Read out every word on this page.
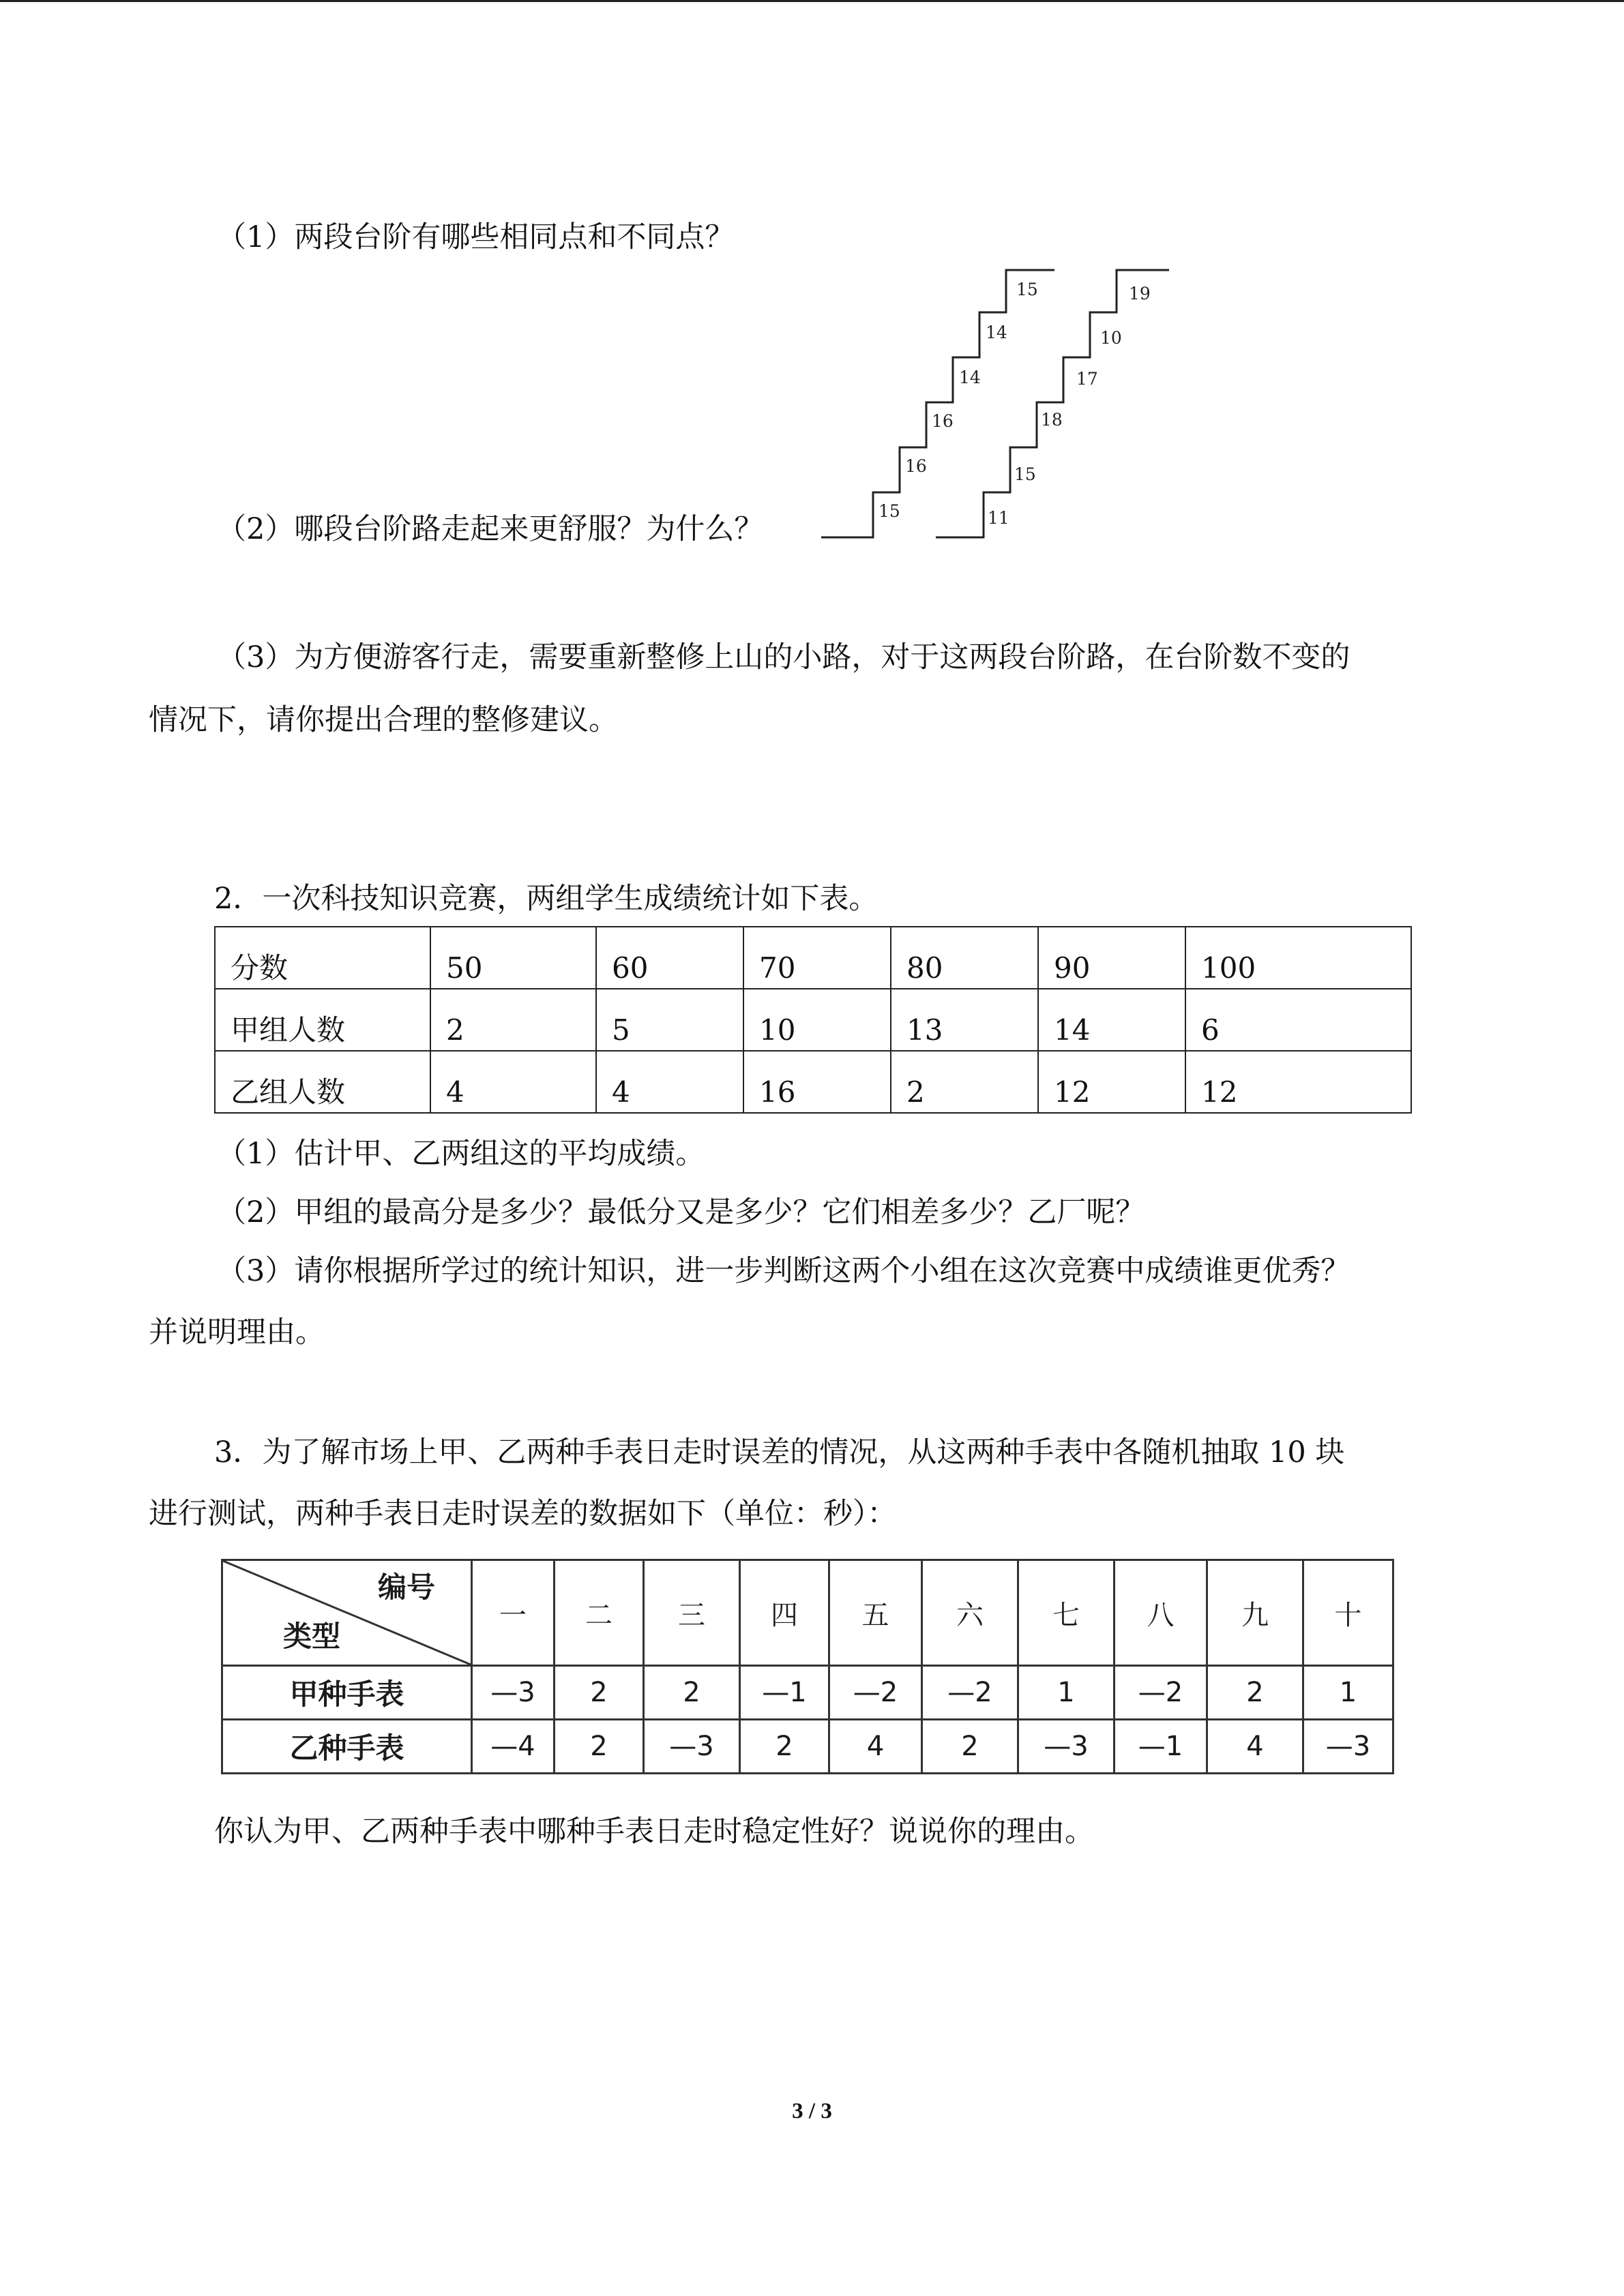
（1）两段台阶有哪些相同点和不同点？
15
16
16
14
14
15
11
15
18
17
10
19
（2）哪段台阶路走起来更舒服？为什么？
（3）为方便游客行走，需要重新整修上山的小路，对于这两段台阶路，在台阶数不变的
情况下，请你提出合理的整修建议。
2．一次科技知识竞赛，两组学生成绩统计如下表。
分数	50	60	70	80	90	100
甲组人数	2	5	10	13	14	6
乙组人数	4	4	16	2	12	12
（1）估计甲、乙两组这的平均成绩。
（2）甲组的最高分是多少？最低分又是多少？它们相差多少？乙厂呢？
（3）请你根据所学过的统计知识，进一步判断这两个小组在这次竞赛中成绩谁更优秀？
并说明理由。
3．为了解市场上甲、乙两种手表日走时误差的情况，从这两种手表中各随机抽取 10 块
进行测试，两种手表日走时误差的数据如下（单位：秒）：
编号
类型	一	二	三	四	五	六	七	八	九	十
甲种手表	—3	2	2	—1	—2	—2	1	—2	2	1
乙种手表	—4	2	—3	2	4	2	—3	—1	4	—3
你认为甲、乙两种手表中哪种手表日走时稳定性好？说说你的理由。
3 / 3
